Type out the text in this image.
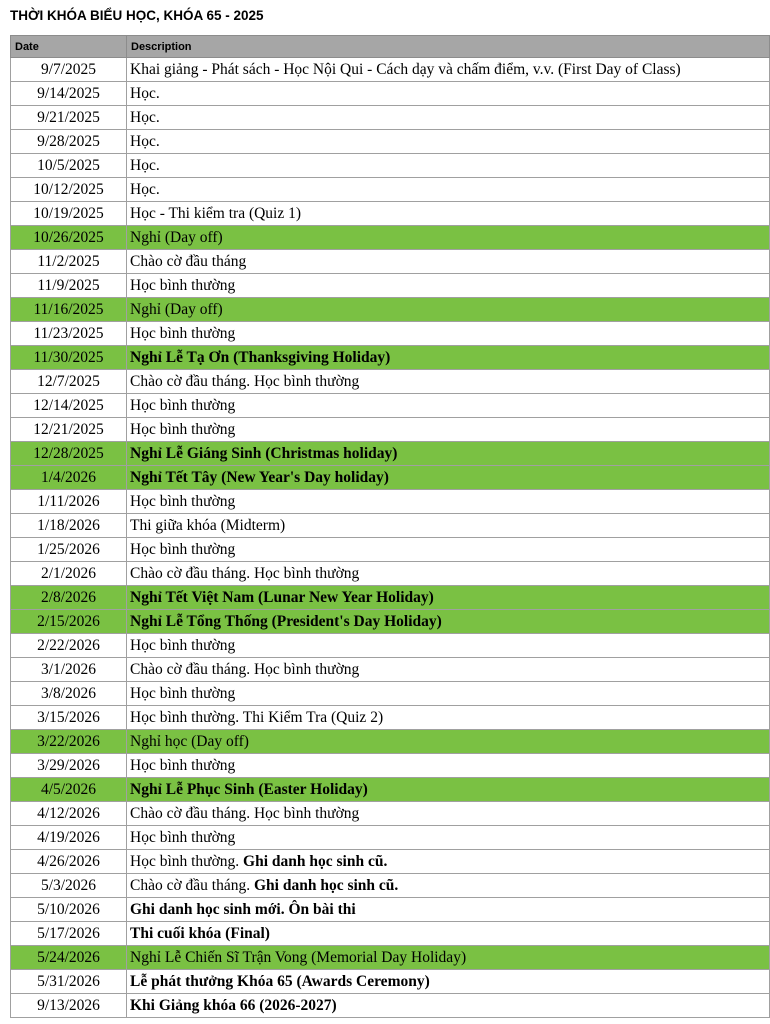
THỜI KHÓA BIỂU HỌC, KHÓA 65 - 2025
Date	Description
9/7/2025	Khai giảng - Phát sách - Học Nội Qui - Cách dạy và chấm điểm, v.v. (First Day of Class)
9/14/2025	Học.
9/21/2025	Học.
9/28/2025	Học.
10/5/2025	Học.
10/12/2025	Học.
10/19/2025	Học - Thi kiểm tra (Quiz 1)
10/26/2025	Nghỉ (Day off)
11/2/2025	Chào cờ đầu tháng
11/9/2025	Học bình thường
11/16/2025	Nghỉ (Day off)
11/23/2025	Học bình thường
11/30/2025	Nghỉ Lễ Tạ Ơn (Thanksgiving Holiday)
12/7/2025	Chào cờ đầu tháng. Học bình thường
12/14/2025	Học bình thường
12/21/2025	Học bình thường
12/28/2025	Nghỉ Lễ Giáng Sinh (Christmas holiday)
1/4/2026	Nghỉ Tết Tây (New Year's Day holiday)
1/11/2026	Học bình thường
1/18/2026	Thi giữa khóa (Midterm)
1/25/2026	Học bình thường
2/1/2026	Chào cờ đầu tháng. Học bình thường
2/8/2026	Nghỉ Tết Việt Nam (Lunar New Year Holiday)
2/15/2026	Nghỉ Lễ Tổng Thống (President's Day Holiday)
2/22/2026	Học bình thường
3/1/2026	Chào cờ đầu tháng. Học bình thường
3/8/2026	Học bình thường
3/15/2026	Học bình thường. Thi Kiểm Tra (Quiz 2)
3/22/2026	Nghỉ học (Day off)
3/29/2026	Học bình thường
4/5/2026	Nghỉ Lễ Phục Sinh (Easter Holiday)
4/12/2026	Chào cờ đầu tháng. Học bình thường
4/19/2026	Học bình thường
4/26/2026	Học bình thường. Ghi danh học sinh cũ.
5/3/2026	Chào cờ đầu tháng. Ghi danh học sinh cũ.
5/10/2026	Ghi danh học sinh mới. Ôn bài thi
5/17/2026	Thi cuối khóa (Final)
5/24/2026	Nghỉ Lễ Chiến Sĩ Trận Vong (Memorial Day Holiday)
5/31/2026	Lễ phát thưởng Khóa 65 (Awards Ceremony)
9/13/2026	Khi Giảng khóa 66 (2026-2027)
